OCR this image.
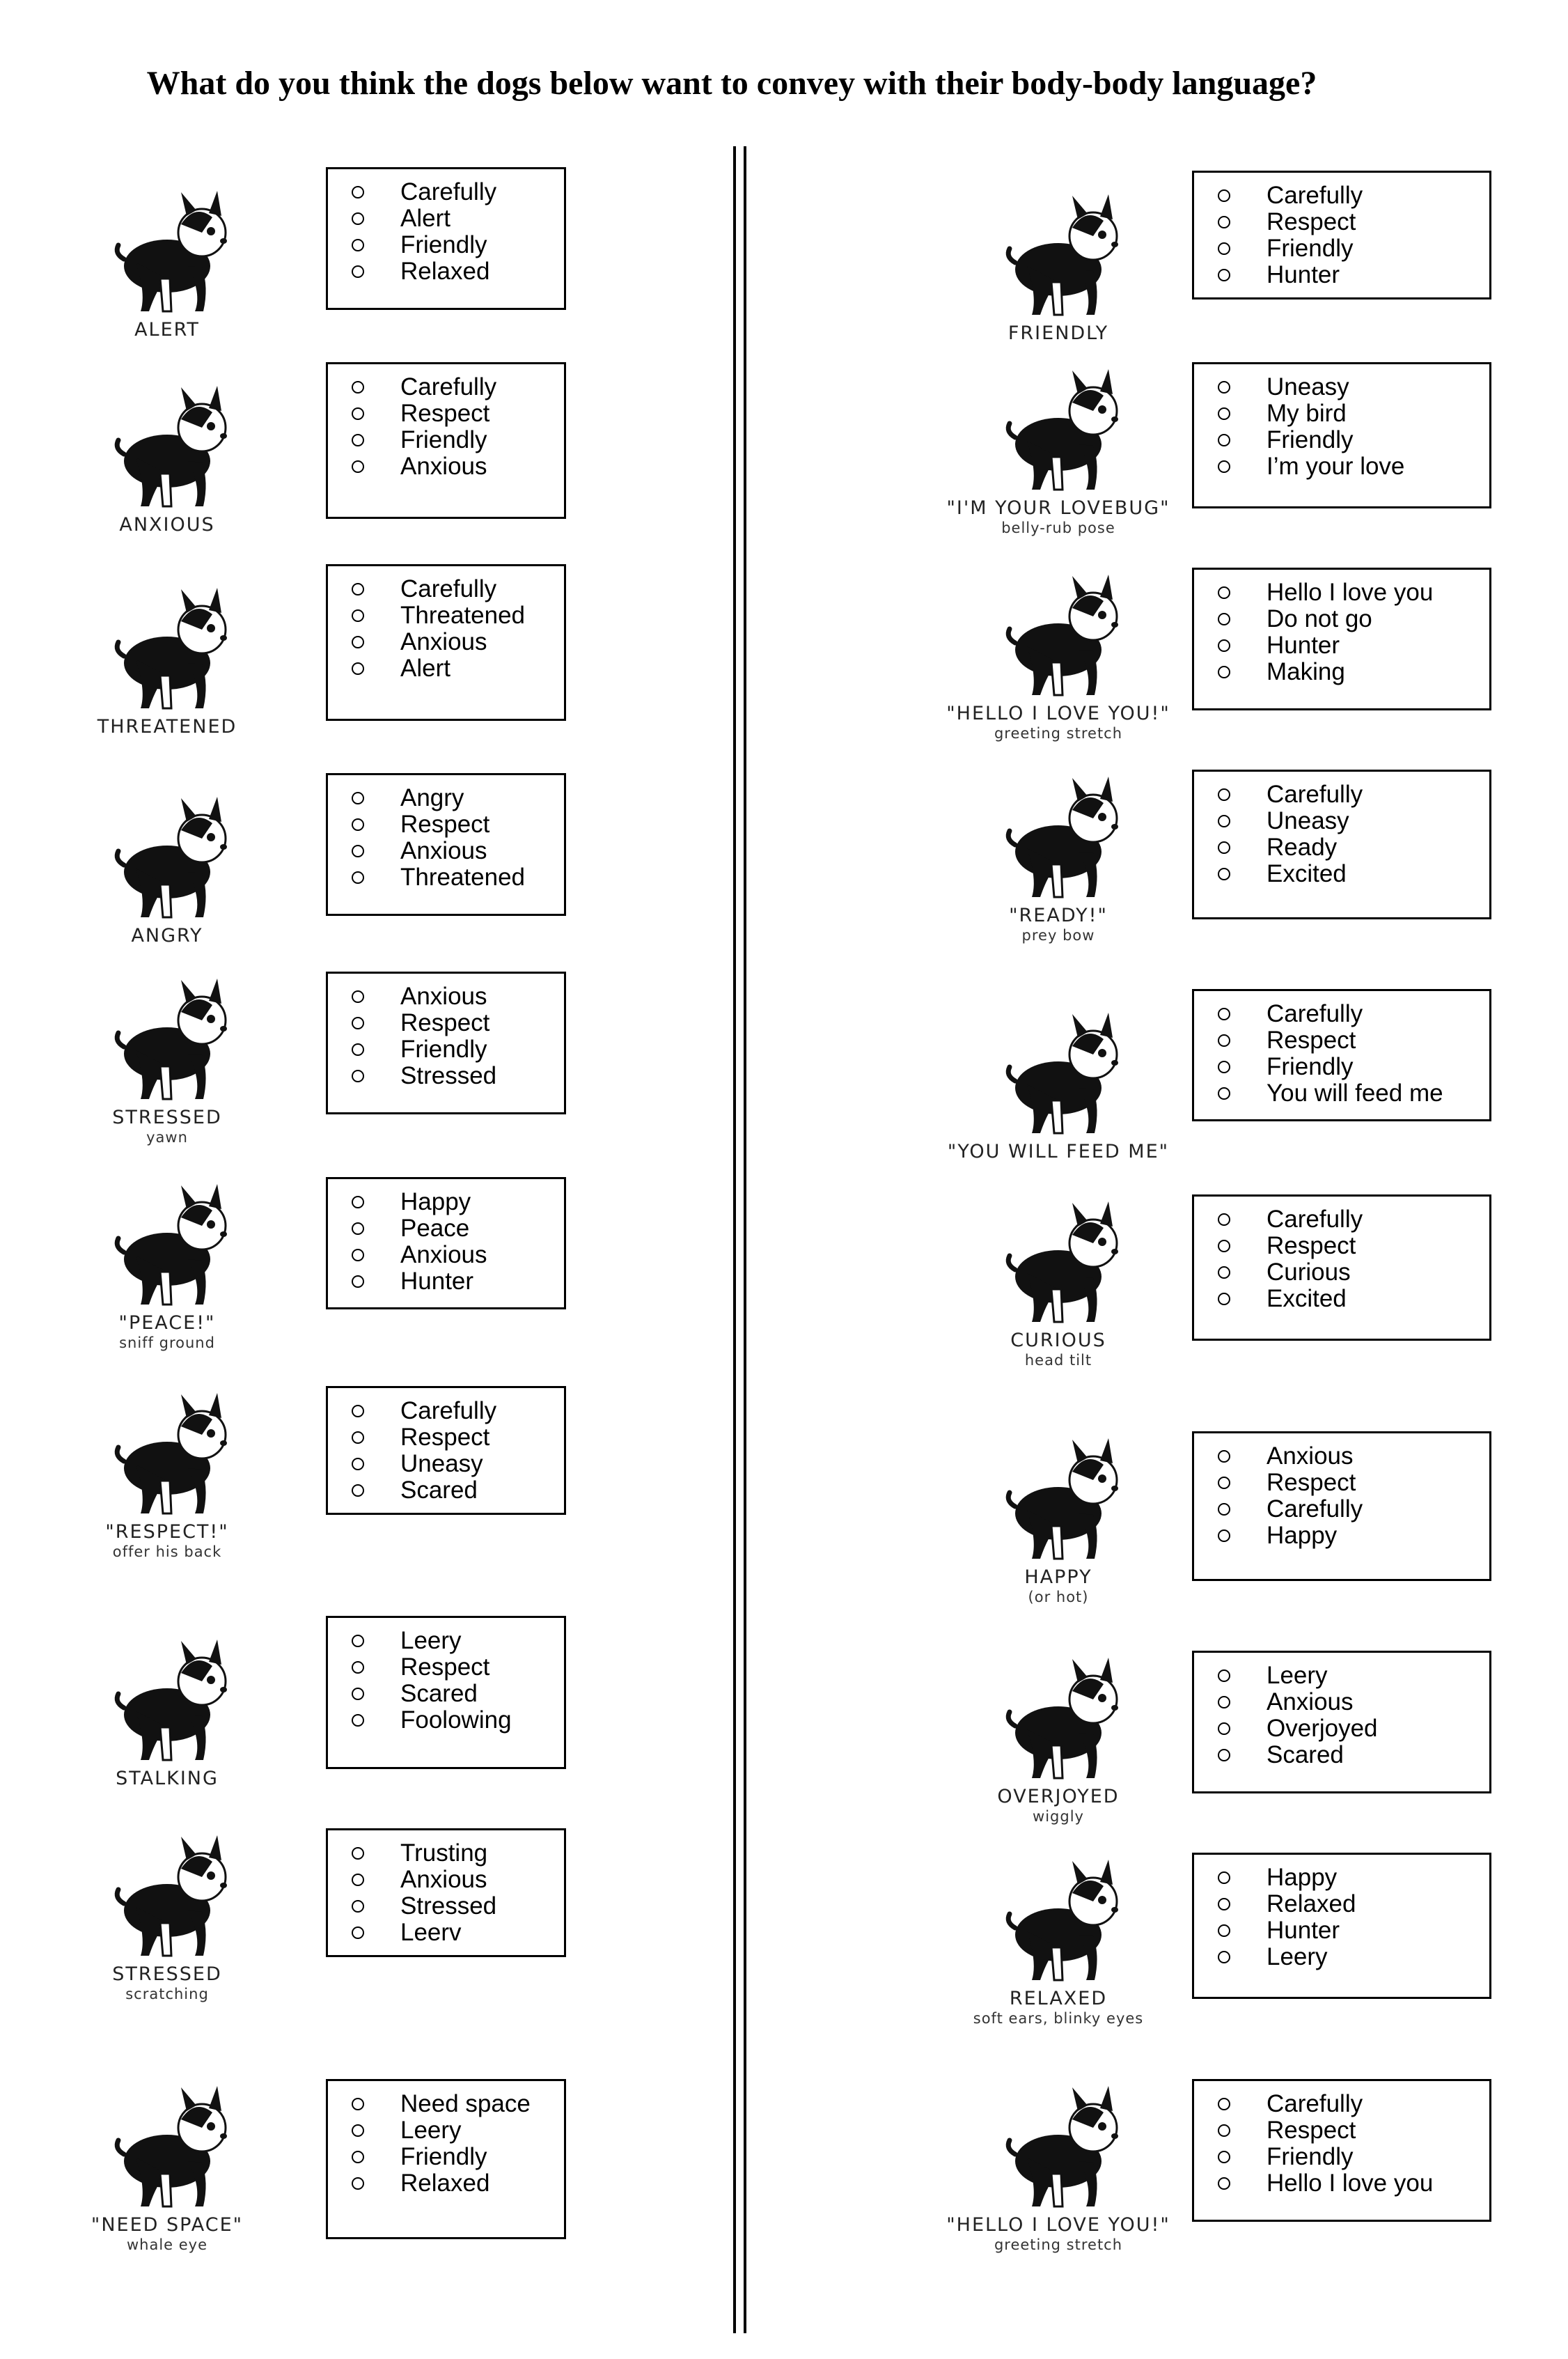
What do you think the dogs below want to convey with their body-body language?
ALERT
Carefully
Alert
Friendly
Relaxed
ANXIOUS
Carefully
Respect
Friendly
Anxious
THREATENED
Carefully
Threatened
Anxious
Alert
ANGRY
Angry
Respect
Anxious
Threatened
STRESSED
yawn
Anxious
Respect
Friendly
Stressed
"PEACE!"
sniff ground
Happy
Peace
Anxious
Hunter
"RESPECT!"
offer his back
Carefully
Respect
Uneasy
Scared
STALKING
Leery
Respect
Scared
Foolowing
STRESSED
scratching
Trusting
Anxious
Stressed
Leerv
"NEED SPACE"
whale eye
Need space
Leery
Friendly
Relaxed
FRIENDLY
Carefully
Respect
Friendly
Hunter
"I'M YOUR LOVEBUG"
belly-rub pose
Uneasy
My bird
Friendly
I’m your love
"HELLO I LOVE YOU!"
greeting stretch
Hello I love you
Do not go
Hunter
Making
"READY!"
prey bow
Carefully
Uneasy
Ready
Excited
"YOU WILL FEED ME"
Carefully
Respect
Friendly
You will feed me
CURIOUS
head tilt
Carefully
Respect
Curious
Excited
HAPPY
(or hot)
Anxious
Respect
Carefully
Happy
OVERJOYED
wiggly
Leery
Anxious
Overjoyed
Scared
RELAXED
soft ears, blinky eyes
Happy
Relaxed
Hunter
Leery
"HELLO I LOVE YOU!"
greeting stretch
Carefully
Respect
Friendly
Hello I love you
